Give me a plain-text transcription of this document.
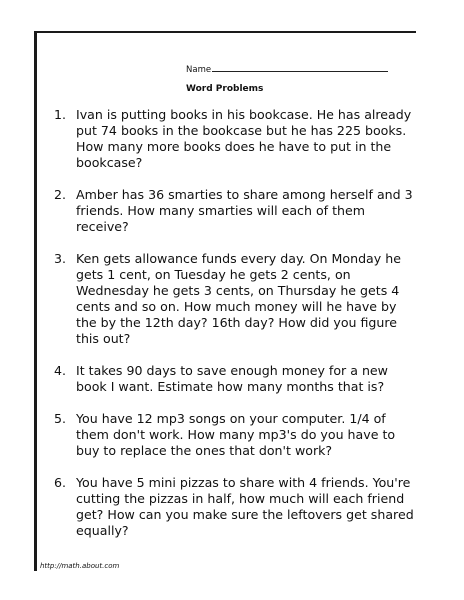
Name
Word Problems
1. Ivan is putting books in his bookcase. He has already put 74 books in the bookcase but he has 225 books. How many more books does he have to put in the bookcase?
2. Amber has 36 smarties to share among herself and 3 friends. How many smarties will each of them receive?
3. Ken gets allowance funds every day. On Monday he gets 1 cent, on Tuesday he gets 2 cents, on Wednesday he gets 3 cents, on Thursday he gets 4 cents and so on. How much money will he have by the by the 12th day? 16th day? How did you figure this out?
4. It takes 90 days to save enough money for a new book I want. Estimate how many months that is?
5. You have 12 mp3 songs on your computer. 1/4 of them don't work. How many mp3's do you have to buy to replace the ones that don't work?
6. You have 5 mini pizzas to share with 4 friends. You're cutting the pizzas in half, how much will each friend get? How can you make sure the leftovers get shared equally?
http://math.about.com
